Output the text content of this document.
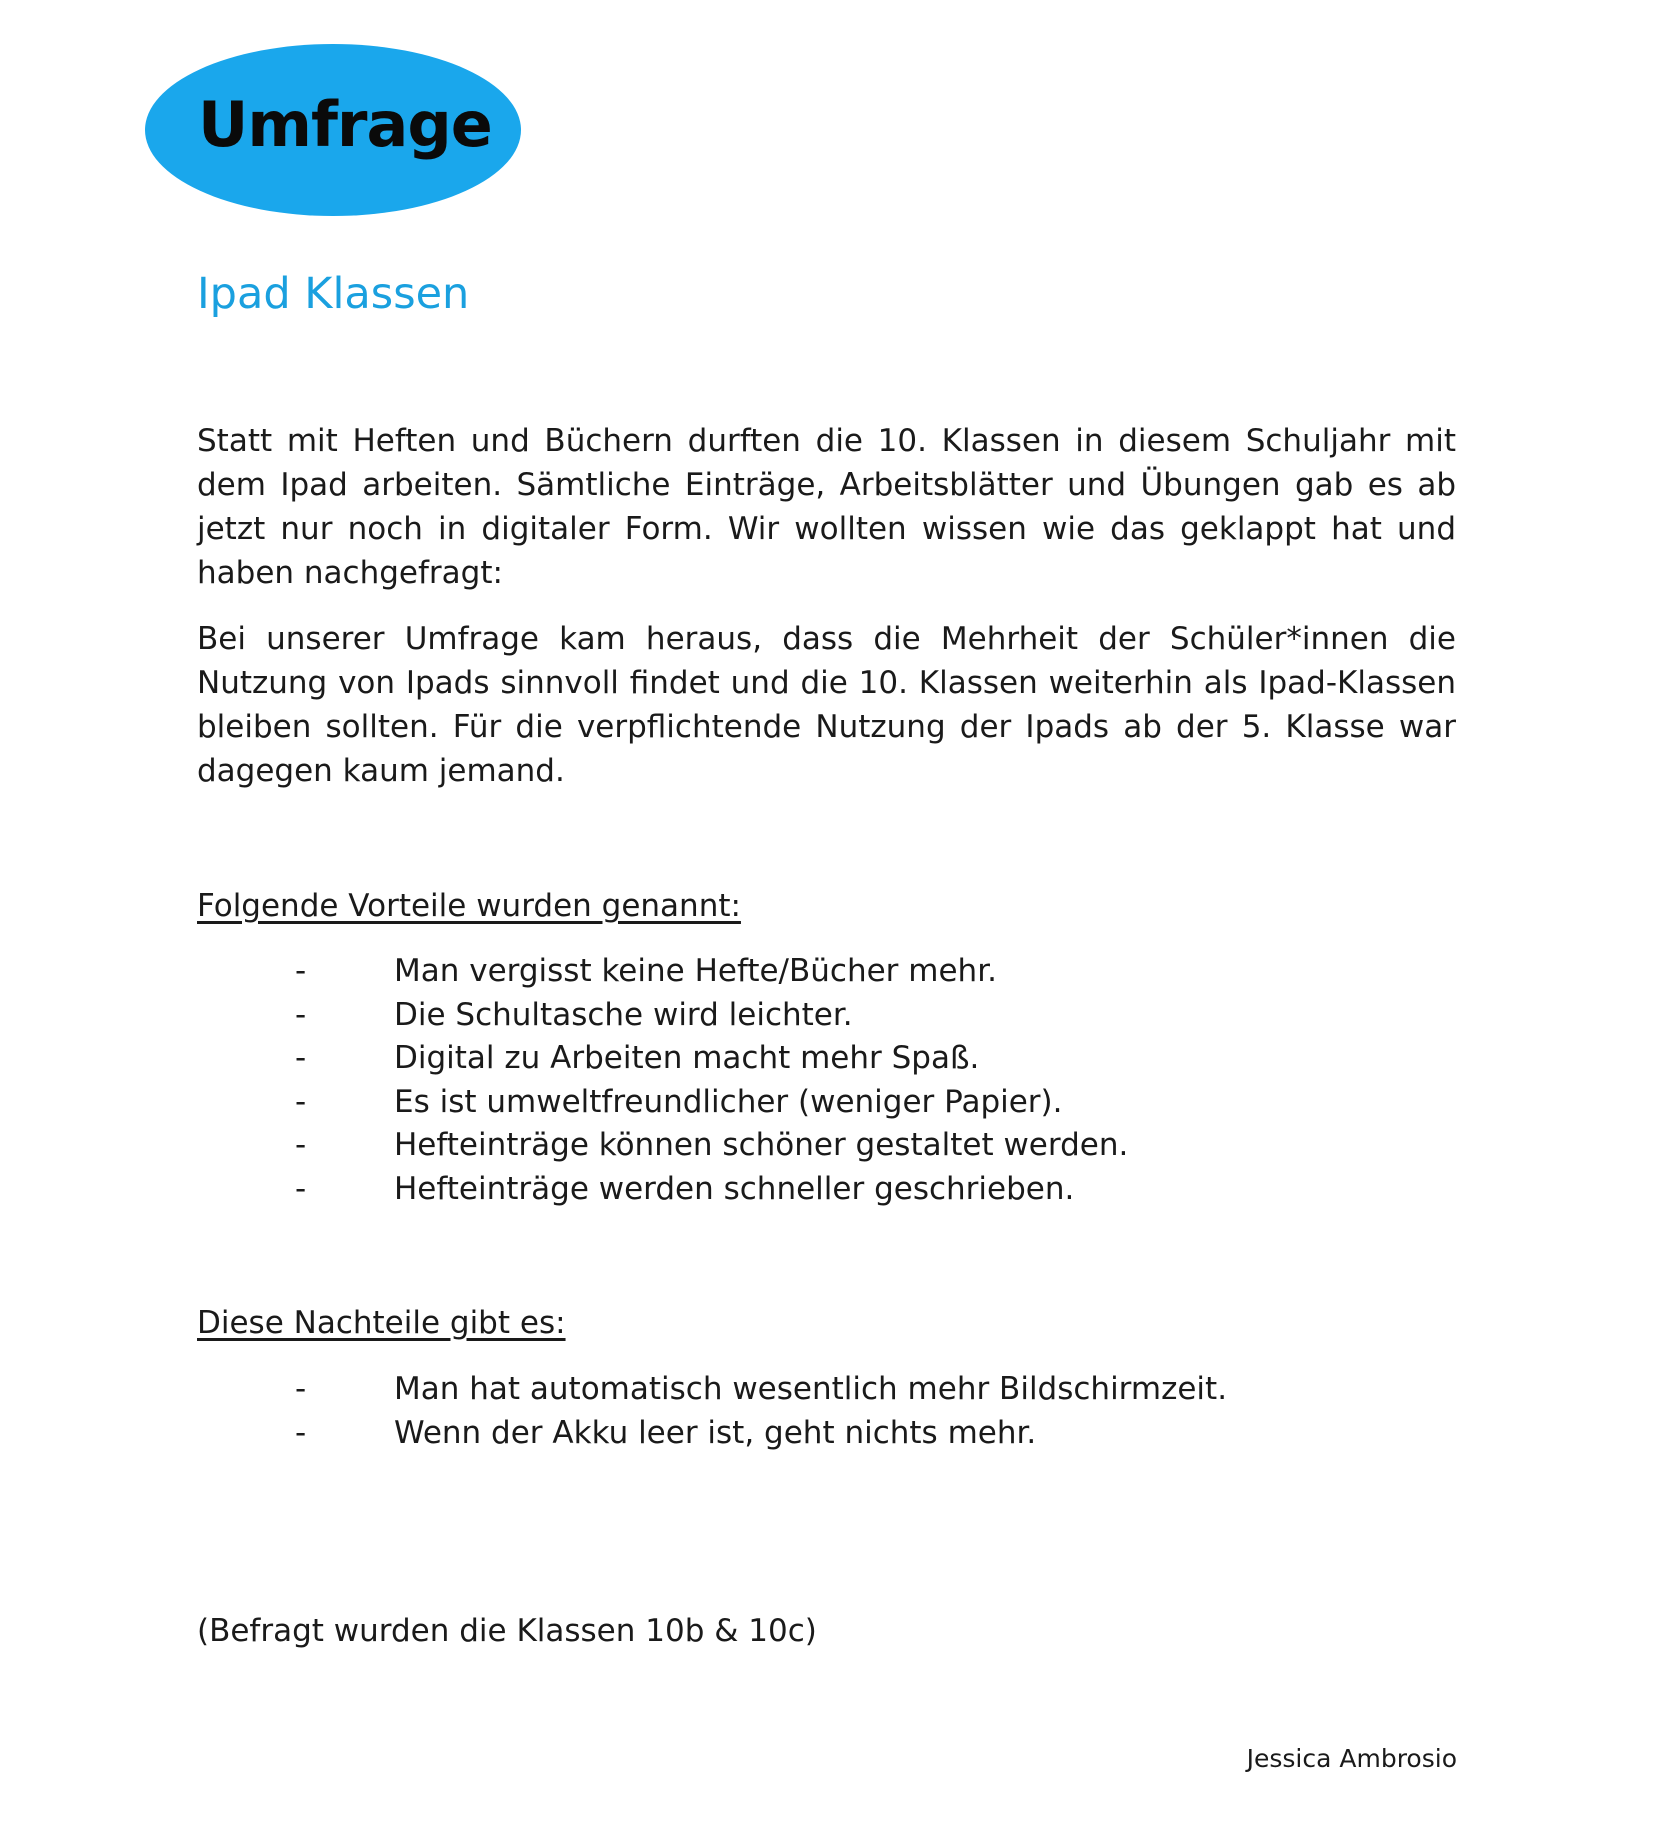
Umfrage
Ipad Klassen

Statt mit Heften und Büchern durften die 10. Klassen in diesem Schuljahr mit dem Ipad arbeiten. Sämtliche Einträge, Arbeitsblätter und Übungen gab es ab jetzt nur noch in digitaler Form. Wir wollten wissen wie das geklappt hat und haben nachgefragt:

Bei unserer Umfrage kam heraus, dass die Mehrheit der Schüler*innen die Nutzung von Ipads sinnvoll findet und die 10. Klassen weiterhin als Ipad-Klassen bleiben sollten. Für die verpflichtende Nutzung der Ipads ab der 5. Klasse war dagegen kaum jemand.

Folgende Vorteile wurden genannt:
-	Man vergisst keine Hefte/Bücher mehr.
-	Die Schultasche wird leichter.
-	Digital zu Arbeiten macht mehr Spaß.
-	Es ist umweltfreundlicher (weniger Papier).
-	Hefteinträge können schöner gestaltet werden.
-	Hefteinträge werden schneller geschrieben.
Diese Nachteile gibt es:
-	Man hat automatisch wesentlich mehr Bildschirmzeit.
-	Wenn der Akku leer ist, geht nichts mehr.
(Befragt wurden die Klassen 10b & 10c)
Jessica Ambrosio
